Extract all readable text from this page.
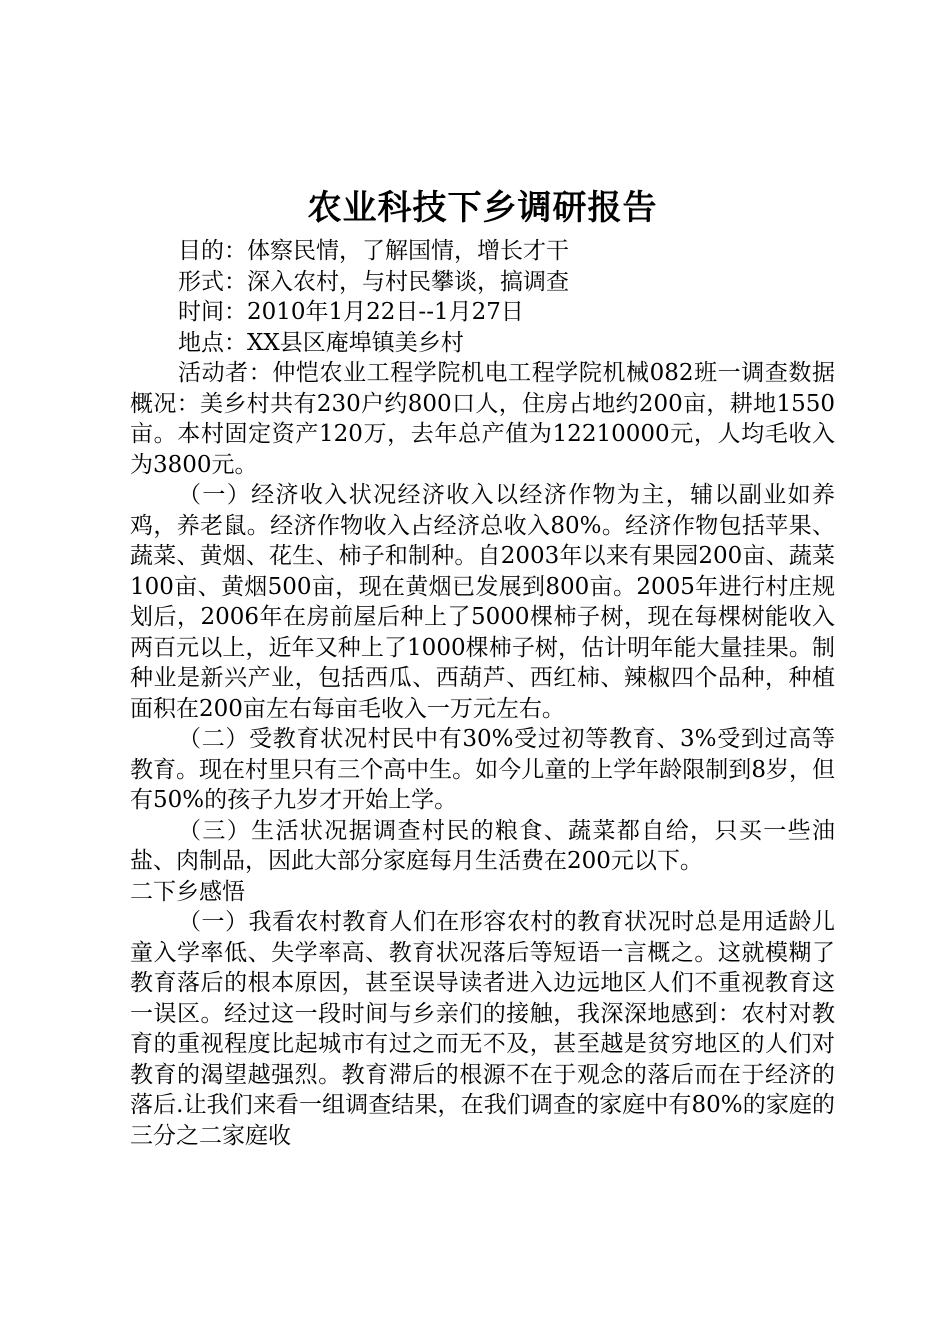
农业科技下乡调研报告

目的：体察民情，了解国情，增长才干

形式：深入农村，与村民攀谈，搞调查

时间：2010年1月22日--1月27日

地点：XX县区庵埠镇美乡村

活动者：仲恺农业工程学院机电工程学院机械082班一调查数据概况：美乡村共有230户约800口人，住房占地约200亩，耕地1550亩。本村固定资产120万，去年总产值为12210000元，人均毛收入为3800元。

（一）经济收入状况经济收入以经济作物为主，辅以副业如养鸡，养老鼠。经济作物收入占经济总收入80%。经济作物包括苹果、蔬菜、黄烟、花生、柿子和制种。自2003年以来有果园200亩、蔬菜100亩、黄烟500亩，现在黄烟已发展到800亩。2005年进行村庄规划后，2006年在房前屋后种上了5000棵柿子树，现在每棵树能收入两百元以上，近年又种上了1000棵柿子树，估计明年能大量挂果。制种业是新兴产业，包括西瓜、西葫芦、西红柿、辣椒四个品种，种植面积在200亩左右每亩毛收入一万元左右。

（二）受教育状况村民中有30%受过初等教育、3%受到过高等教育。现在村里只有三个高中生。如今儿童的上学年龄限制到8岁，但有50%的孩子九岁才开始上学。

（三）生活状况据调查村民的粮食、蔬菜都自给，只买一些油盐、肉制品，因此大部分家庭每月生活费在200元以下。

二下乡感悟

（一）我看农村教育人们在形容农村的教育状况时总是用适龄儿童入学率低、失学率高、教育状况落后等短语一言概之。这就模糊了教育落后的根本原因，甚至误导读者进入边远地区人们不重视教育这一误区。经过这一段时间与乡亲们的接触，我深深地感到：农村对教育的重视程度比起城市有过之而无不及，甚至越是贫穷地区的人们对教育的渴望越强烈。教育滞后的根源不在于观念的落后而在于经济的落后.让我们来看一组调查结果，在我们调查的家庭中有80%的家庭的三分之二家庭收
